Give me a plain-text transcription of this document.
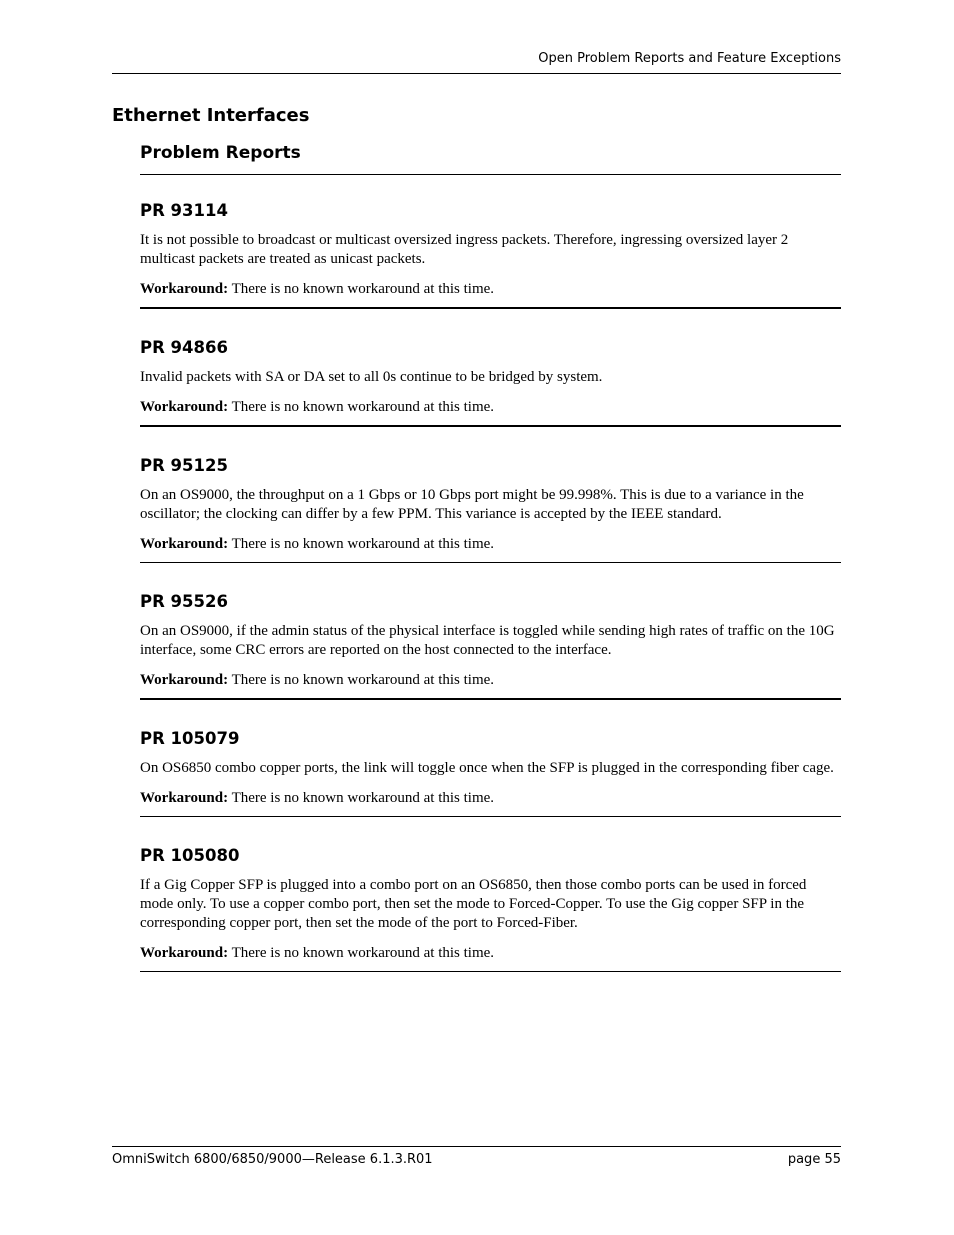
Open Problem Reports and Feature Exceptions
Ethernet Interfaces
Problem Reports
PR 93114

It is not possible to broadcast or multicast oversized ingress packets. Therefore, ingressing oversized layer 2 multicast packets are treated as unicast packets.

Workaround: There is no known workaround at this time.

PR 94866

Invalid packets with SA or DA set to all 0s continue to be bridged by system.

Workaround: There is no known workaround at this time.

PR 95125

On an OS9000, the throughput on a 1 Gbps or 10 Gbps port might be 99.998%. This is due to a variance in the oscillator; the clocking can differ by a few PPM. This variance is accepted by the IEEE standard.

Workaround: There is no known workaround at this time.

PR 95526

On an OS9000, if the admin status of the physical interface is toggled while sending high rates of traffic on the 10G interface, some CRC errors are reported on the host connected to the interface.

Workaround: There is no known workaround at this time.

PR 105079

On OS6850 combo copper ports, the link will toggle once when the SFP is plugged in the corresponding fiber cage.

Workaround: There is no known workaround at this time.

PR 105080

If a Gig Copper SFP is plugged into a combo port on an OS6850, then those combo ports can be used in forced mode only. To use a copper combo port, then set the mode to Forced-Copper. To use the Gig copper SFP in the corresponding copper port, then set the mode of the port to Forced-Fiber.

Workaround: There is no known workaround at this time.

OmniSwitch 6800/6850/9000—Release 6.1.3.R01	page 55
